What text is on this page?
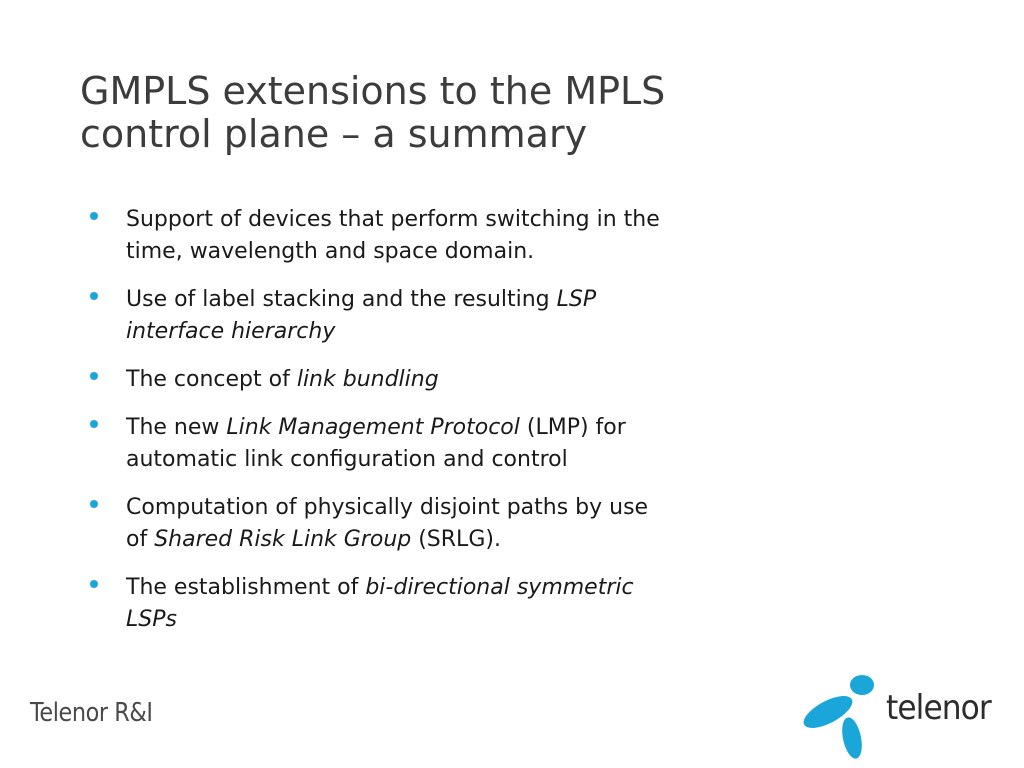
GMPLS extensions to the MPLS
control plane – a summary
Support of devices that perform switching in the
time, wavelength and space domain.
Use of label stacking and the resulting LSP
interface hierarchy
The concept of link bundling
The new Link Management Protocol (LMP) for
automatic link configuration and control
Computation of physically disjoint paths by use
of Shared Risk Link Group (SRLG).
The establishment of bi-directional symmetric
LSPs
Telenor R&I	telenor
